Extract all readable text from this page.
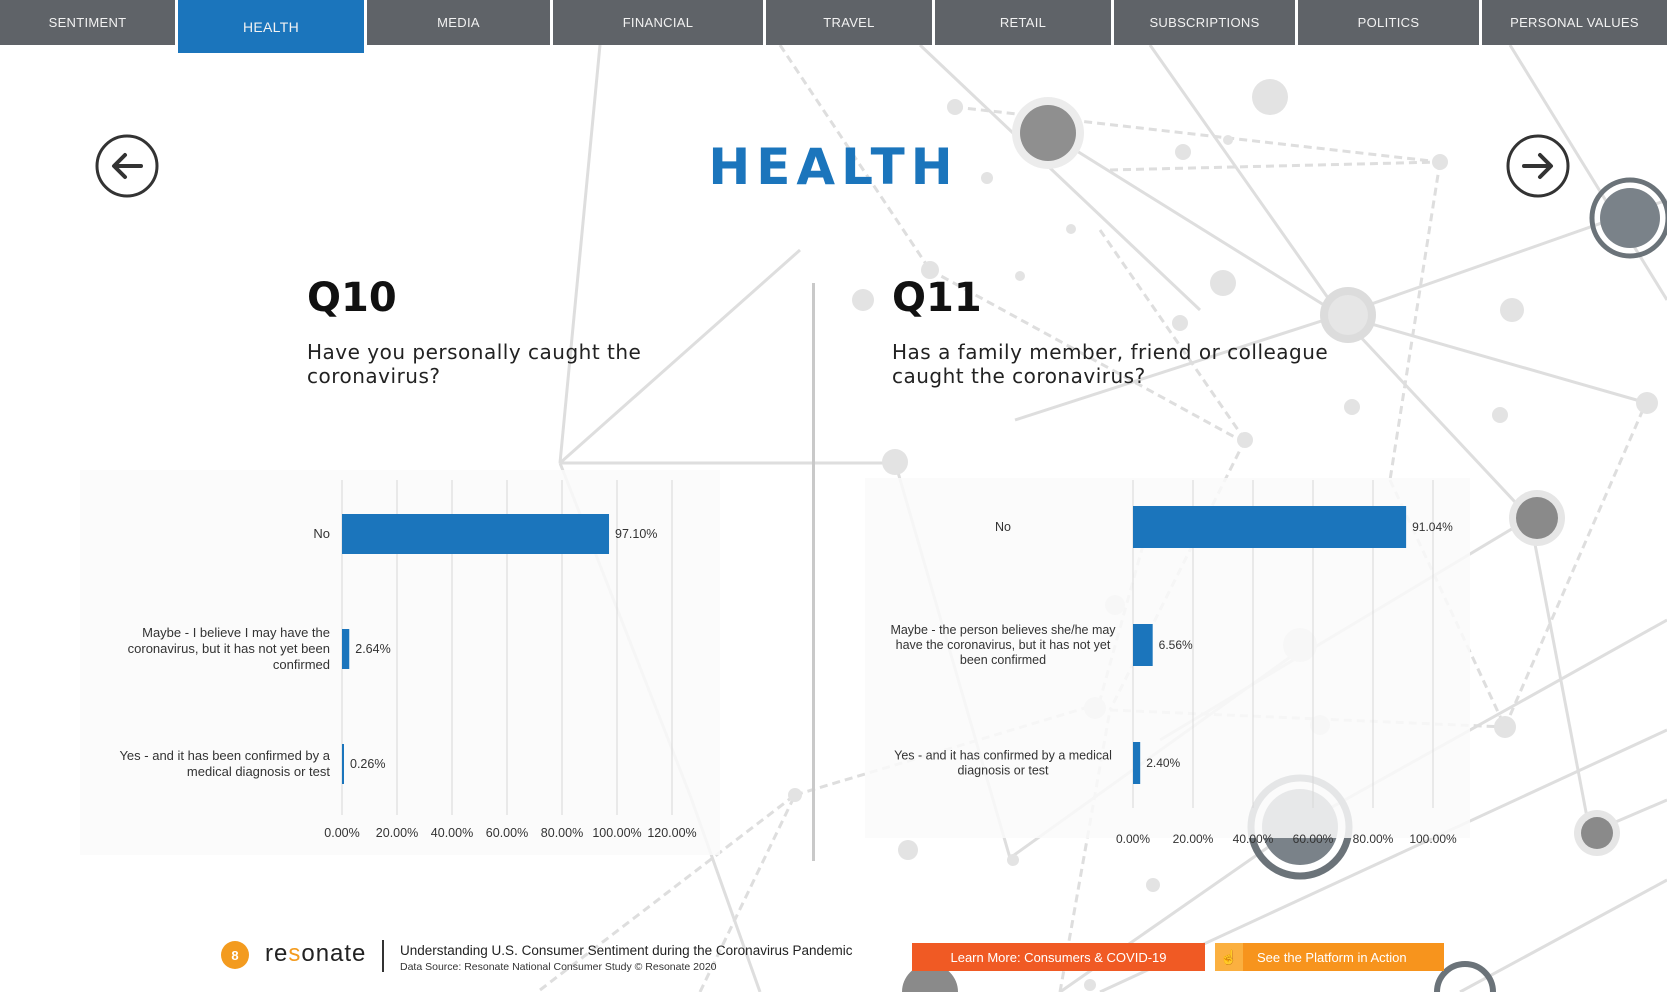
SENTIMENT	HEALTH	MEDIA	FINANCIAL	TRAVEL	RETAIL	SUBSCRIPTIONS	POLITICS	PERSONAL VALUES
HEALTH
Q10
Have you personally caught the coronavirus?
Q11
Has a family member, friend or colleague caught the coronavirus?
0.00% 20.00% 40.00% 60.00% 80.00% 100.00% 120.00%
97.10%
No
2.64%
Maybe - I believe I may have the
coronavirus, but it has not yet been
confirmed
0.26%
Yes - and it has been confirmed by a
medical diagnosis or test
0.00% 20.00% 40.00% 60.00% 80.00% 100.00%
91.04%
No
6.56%
Maybe - the person believes she/he may
have the coronavirus, but it has not yet
been confirmed
2.40%
Yes - and it has confirmed by a medical
diagnosis or test
8	resonate Understanding U.S. Consumer Sentiment during the Coronavirus Pandemic
Data Source: Resonate National Consumer Study © Resonate 2020
Learn More: Consumers & COVID-19	☝	See the Platform in Action
